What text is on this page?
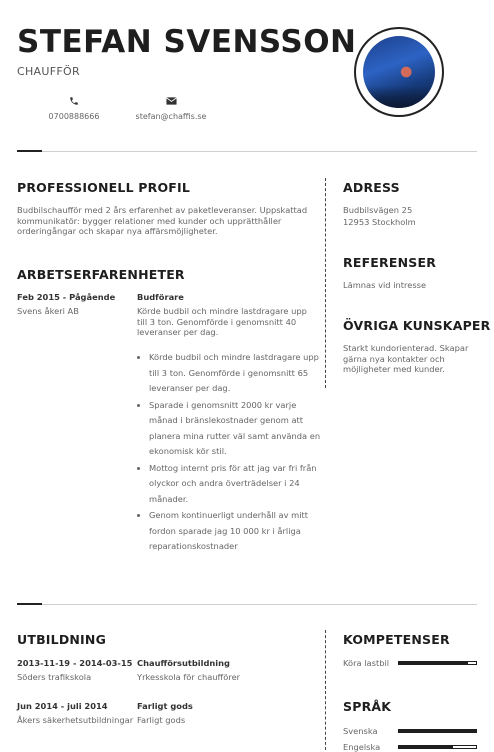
STEFAN SVENSSON
CHAUFFÖR
0700888666	stefan@chaffis.se
PROFESSIONELL PROFIL
Budbilschaufför med 2 års erfarenhet av paketleveranser. Uppskattad kommunikatör: bygger relationer med kunder och upprätthåller orderingångar och skapar nya affärsmöjligheter.
ADRESS
Budbilsvägen 25
12953 Stockholm
REFERENSER
Lämnas vid intresse
ÖVRIGA KUNSKAPER
Starkt kundorienterad. Skapar gärna nya kontakter och möjligheter med kunder.
ARBETSERFARENHETER
Feb 2015 - Pågående
Svens åkeri AB
Budförare
Körde budbil och mindre lastdragare upp till 3 ton. Genomförde i genomsnitt 40 leveranser per dag.
• Körde budbil och mindre lastdragare upp till 3 ton. Genomförde i genomsnitt 65 leveranser per dag.
• Sparade i genomsnitt 2000 kr varje månad i bränslekostnader genom att planera mina rutter väl samt använda en ekonomisk kör stil.
• Mottog internt pris för att jag var fri från olyckor och andra överträdelser i 24 månader.
• Genom kontinuerligt underhåll av mitt fordon sparade jag 10 000 kr i årliga reparationskostnader
UTBILDNING
2013-11-19 - 2014-03-15
Söders trafikskola
Chaufförsutbildning
Yrkesskola för chaufförer
Jun 2014 - juli 2014
Åkers säkerhetsutbildningar
Farligt gods
Farligt gods
KOMPETENSER
Köra lastbil
SPRÅK
Svenska
Engelska
